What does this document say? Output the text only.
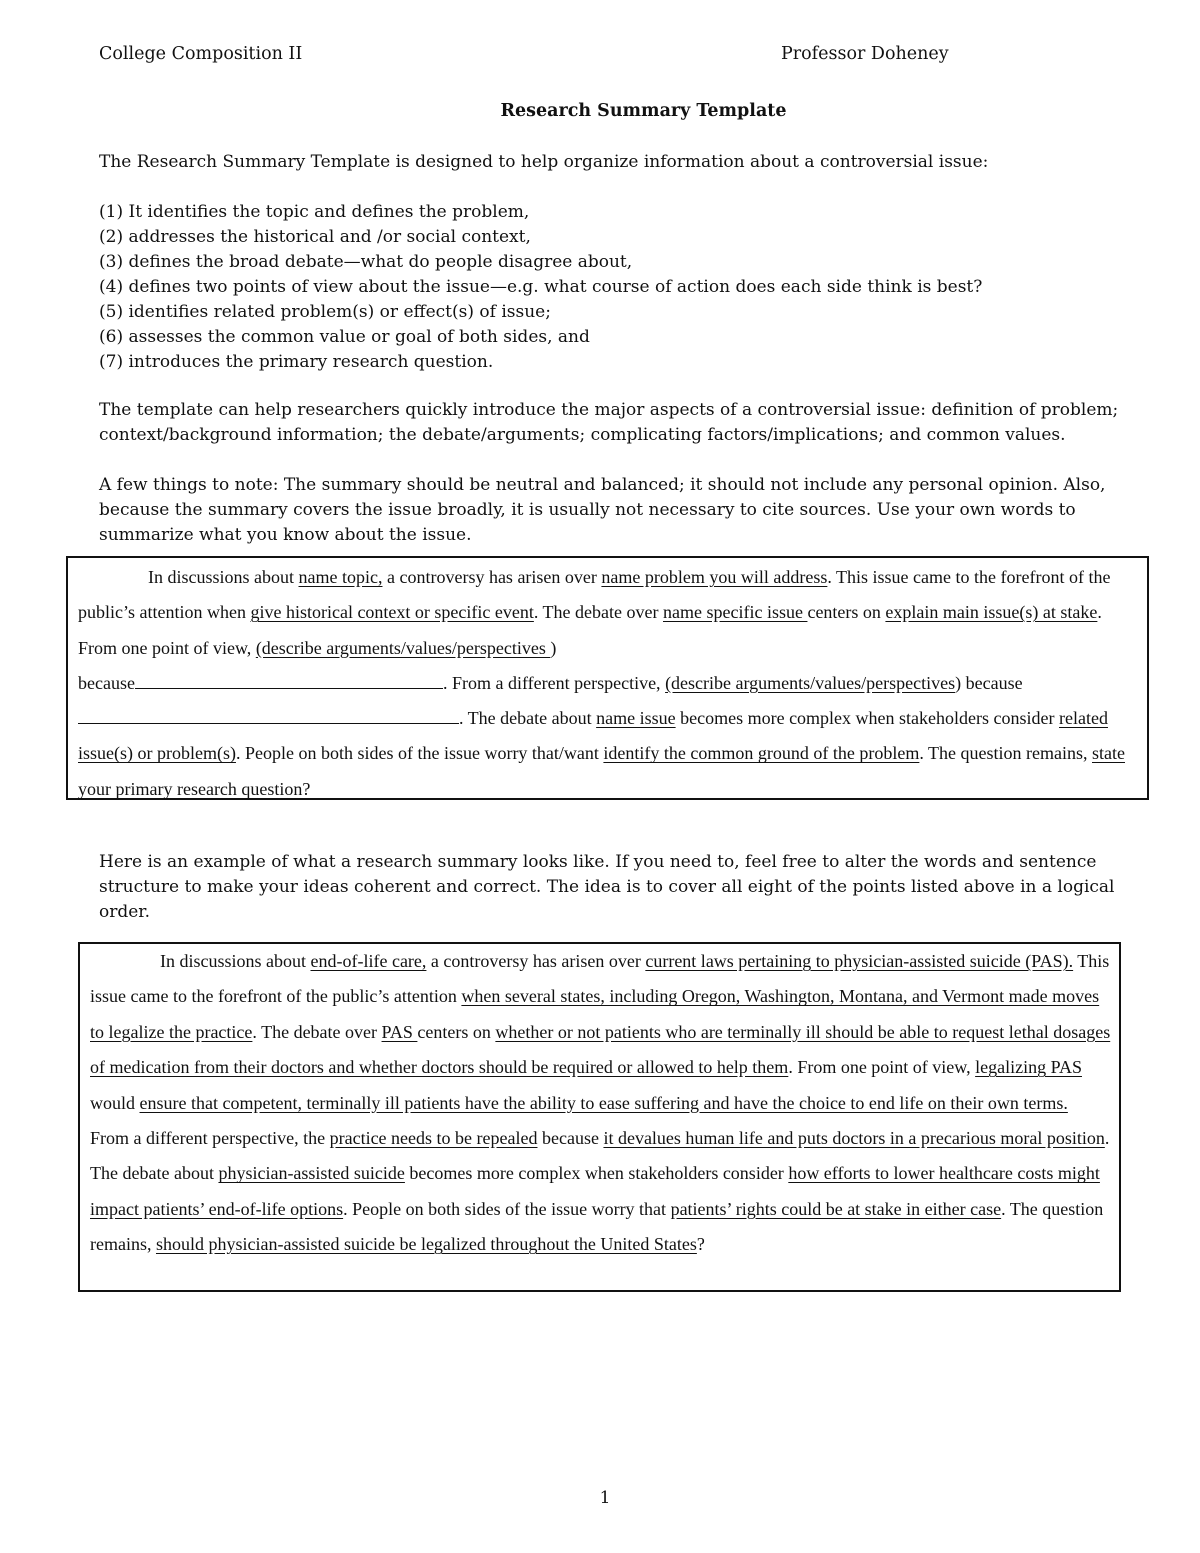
College Composition II	Professor Doheney
Research Summary Template

The Research Summary Template is designed to help organize information about a controversial issue:

(1) It identifies the topic and defines the problem,
(2) addresses the historical and /or social context,
(3) defines the broad debate—what do people disagree about,
(4) defines two points of view about the issue—e.g. what course of action does each side think is best?
(5) identifies related problem(s) or effect(s) of issue;
(6) assesses the common value or goal of both sides, and
(7) introduces the primary research question.

The template can help researchers quickly introduce the major aspects of a controversial issue: definition of problem; context/background information; the debate/arguments; complicating factors/implications; and common values.

A few things to note: The summary should be neutral and balanced; it should not include any personal opinion. Also, because the summary covers the issue broadly, it is usually not necessary to cite sources. Use your own words to summarize what you know about the issue.

In discussions about name topic, a controversy has arisen over name problem you will address. This issue came to the forefront of the public’s attention when give historical context or specific event. The debate over name specific issue centers on explain main issue(s) at stake. From one point of view, (describe arguments/values/perspectives )
because	. From a different perspective, (describe arguments/values/perspectives) because
. The debate about name issue becomes more complex when stakeholders consider related issue(s) or problem(s). People on both sides of the issue worry that/want identify the common ground of the problem. The question remains, state your primary research question?

Here is an example of what a research summary looks like. If you need to, feel free to alter the words and sentence structure to make your ideas coherent and correct. The idea is to cover all eight of the points listed above in a logical order.

In discussions about end-of-life care, a controversy has arisen over current laws pertaining to physician-assisted suicide (PAS). This issue came to the forefront of the public’s attention when several states, including Oregon, Washington, Montana, and Vermont made moves to legalize the practice. The debate over PAS centers on whether or not patients who are terminally ill should be able to request lethal dosages of medication from their doctors and whether doctors should be required or allowed to help them. From one point of view, legalizing PAS would ensure that competent, terminally ill patients have the ability to ease suffering and have the choice to end life on their own terms. From a different perspective, the practice needs to be repealed because it devalues human life and puts doctors in a precarious moral position. The debate about physician-assisted suicide becomes more complex when stakeholders consider how efforts to lower healthcare costs might impact patients’ end-of-life options. People on both sides of the issue worry that patients’ rights could be at stake in either case. The question remains, should physician-assisted suicide be legalized throughout the United States?

1
